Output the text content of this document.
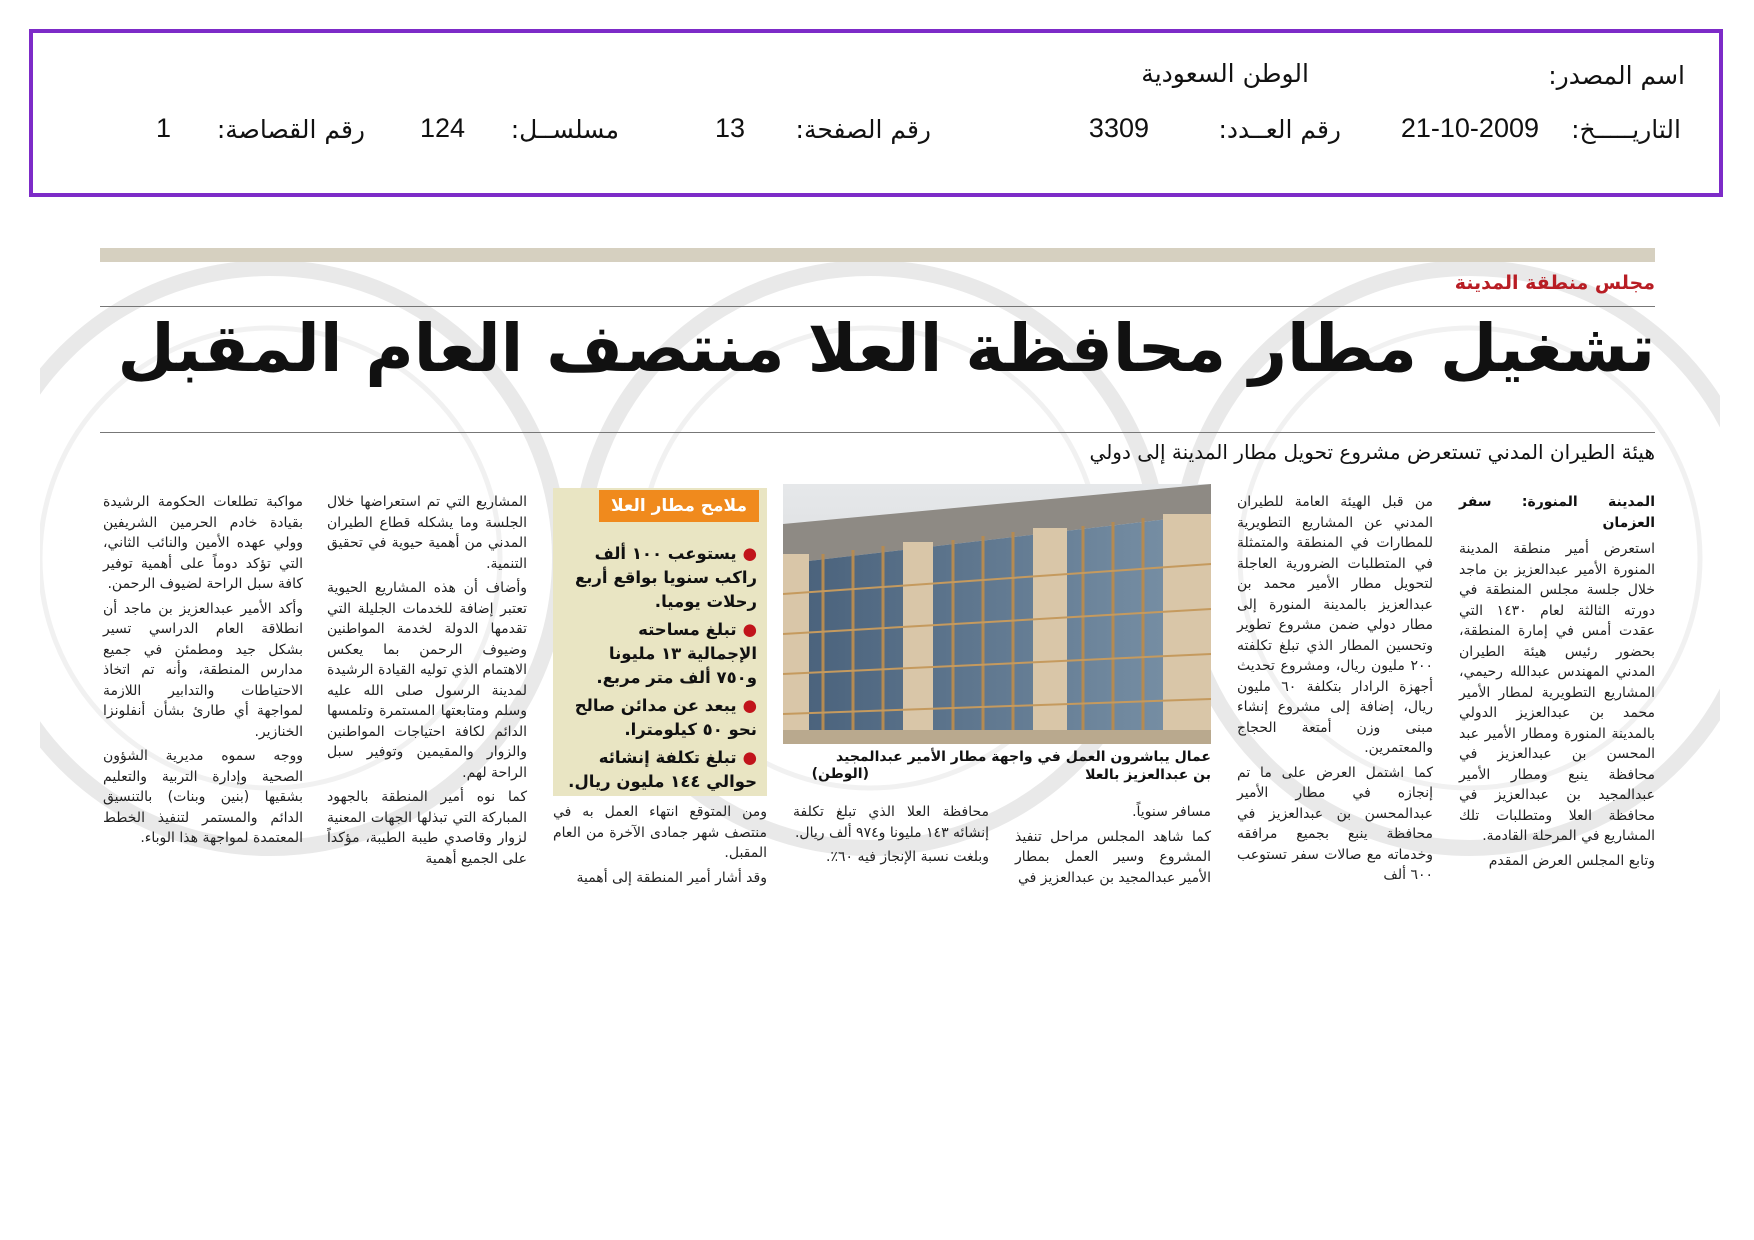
اسم المصدر:
الوطن السعودية
التاريـــــخ:
21-10-2009
رقم العــدد:
3309
رقم الصفحة:
13
مسلســل:
124
رقم القصاصة:
1
مجلس منطقة المدينة
تشغيل مطار محافظة العلا منتصف العام المقبل
هيئة الطيران المدني تستعرض مشروع تحويل مطار المدينة إلى دولي
المدينة المنورة: سفر العزمان

استعرض أمير منطقة المدينة المنورة الأمير عبدالعزيز بن ماجد خلال جلسة مجلس المنطقة في دورته الثالثة لعام ١٤٣٠ التي عقدت أمس في إمارة المنطقة، بحضور رئيس هيئة الطيران المدني المهندس عبدالله رحيمي، المشاريع التطويرية لمطار الأمير محمد بن عبدالعزيز الدولي بالمدينة المنورة ومطار الأمير عبد المحسن بن عبدالعزيز في محافظة ينبع ومطار الأمير عبدالمجيد بن عبدالعزيز في محافظة العلا ومتطلبات تلك المشاريع في المرحلة القادمة.

وتابع المجلس العرض المقدم

من قبل الهيئة العامة للطيران المدني عن المشاريع التطويرية للمطارات في المنطقة والمتمثلة في المتطلبات الضرورية العاجلة لتحويل مطار الأمير محمد بن عبدالعزيز بالمدينة المنورة إلى مطار دولي ضمن مشروع تطوير وتحسين المطار الذي تبلغ تكلفته ٢٠٠ مليون ريال، ومشروع تحديث أجهزة الرادار بتكلفة ٦٠ مليون ريال، إضافة إلى مشروع إنشاء مبنى وزن أمتعة الحجاج والمعتمرين.

كما اشتمل العرض على ما تم إنجازه في مطار الأمير عبدالمحسن بن عبدالعزيز في محافظة ينبع بجميع مرافقه وخدماته مع صالات سفر تستوعب ٦٠٠ ألف

عمال يباشرون العمل في واجهة مطار الأمير عبدالمجيد بن عبدالعزيز بالعلا
(الوطن)

مسافر سنوياً.

كما شاهد المجلس مراحل تنفيذ المشروع وسير العمل بمطار الأمير عبدالمجيد بن عبدالعزيز في

محافظة العلا الذي تبلغ تكلفة إنشائه ١٤٣ مليونا و٩٧٤ ألف ريال.

وبلغت نسبة الإنجاز فيه ٦٠٪.

ملامح مطار العلا
●يستوعب ١٠٠ ألف راكب سنويا بواقع أربع رحلات يوميا.
●تبلغ مساحته الإجمالية ١٣ مليونا و٧٥٠ ألف متر مربع.
●يبعد عن مدائن صالح نحو ٥٠ كيلومترا.
●تبلغ تكلفة إنشائه حوالي ١٤٤ مليون ريال.

ومن المتوقع انتهاء العمل به في منتصف شهر جمادى الآخرة من العام المقبل.

وقد أشار أمير المنطقة إلى أهمية

المشاريع التي تم استعراضها خلال الجلسة وما يشكله قطاع الطيران المدني من أهمية حيوية في تحقيق التنمية.

وأضاف أن هذه المشاريع الحيوية تعتبر إضافة للخدمات الجليلة التي تقدمها الدولة لخدمة المواطنين وضيوف الرحمن بما يعكس الاهتمام الذي توليه القيادة الرشيدة لمدينة الرسول صلى الله عليه وسلم ومتابعتها المستمرة وتلمسها الدائم لكافة احتياجات المواطنين والزوار والمقيمين وتوفير سبل الراحة لهم.

كما نوه أمير المنطقة بالجهود المباركة التي تبذلها الجهات المعنية لزوار وقاصدي طيبة الطيبة، مؤكداً على الجميع أهمية

مواكبة تطلعات الحكومة الرشيدة بقيادة خادم الحرمين الشريفين وولي عهده الأمين والنائب الثاني، التي تؤكد دوماً على أهمية توفير كافة سبل الراحة لضيوف الرحمن.

وأكد الأمير عبدالعزيز بن ماجد أن انطلاقة العام الدراسي تسير بشكل جيد ومطمئن في جميع مدارس المنطقة، وأنه تم اتخاذ الاحتياطات والتدابير اللازمة لمواجهة أي طارئ بشأن أنفلونزا الخنازير.

ووجه سموه مديرية الشؤون الصحية وإدارة التربية والتعليم بشقيها (بنين وبنات) بالتنسيق الدائم والمستمر لتنفيذ الخطط المعتمدة لمواجهة هذا الوباء.
